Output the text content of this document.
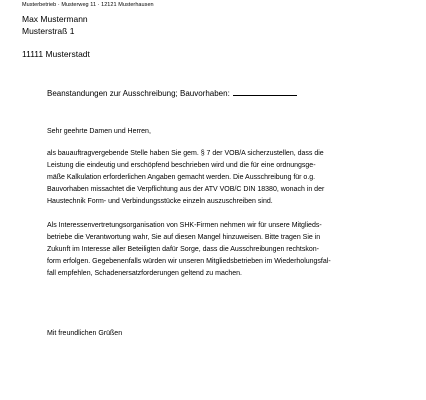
Musterbetrieb · Musterweg 11 · 12121 Musterhausen
Max Mustermann
Musterstraß 1
11111 Musterstadt
Beanstandungen zur Ausschreibung; Bauvorhaben:

Sehr geehrte Damen und Herren,

als bauauftragvergebende Stelle haben Sie gem. § 7 der VOB/A sicherzustellen, dass die

Leistung die eindeutig und erschöpfend beschrieben wird und die für eine ordnungsge-

mäße Kalkulation erforderlichen Angaben gemacht werden. Die Ausschreibung für o.g.

Bauvorhaben missachtet die Verpflichtung aus der ATV VOB/C DIN 18380, wonach in der

Haustechnik Form- und Verbindungsstücke einzeln auszuschreiben sind.

Als Interessenvertretungsorganisation von SHK-Firmen nehmen wir für unsere Mitglieds-

betriebe die Verantwortung wahr, Sie auf diesen Mangel hinzuweisen. Bitte tragen Sie in

Zukunft im Interesse aller Beteiligten dafür Sorge, dass die Ausschreibungen rechtskon-

form erfolgen. Gegebenenfalls würden wir unseren Mitgliedsbetrieben im Wiederholungsfal-

fall empfehlen, Schadenersatzforderungen geltend zu machen.

Mit freundlichen Grüßen
